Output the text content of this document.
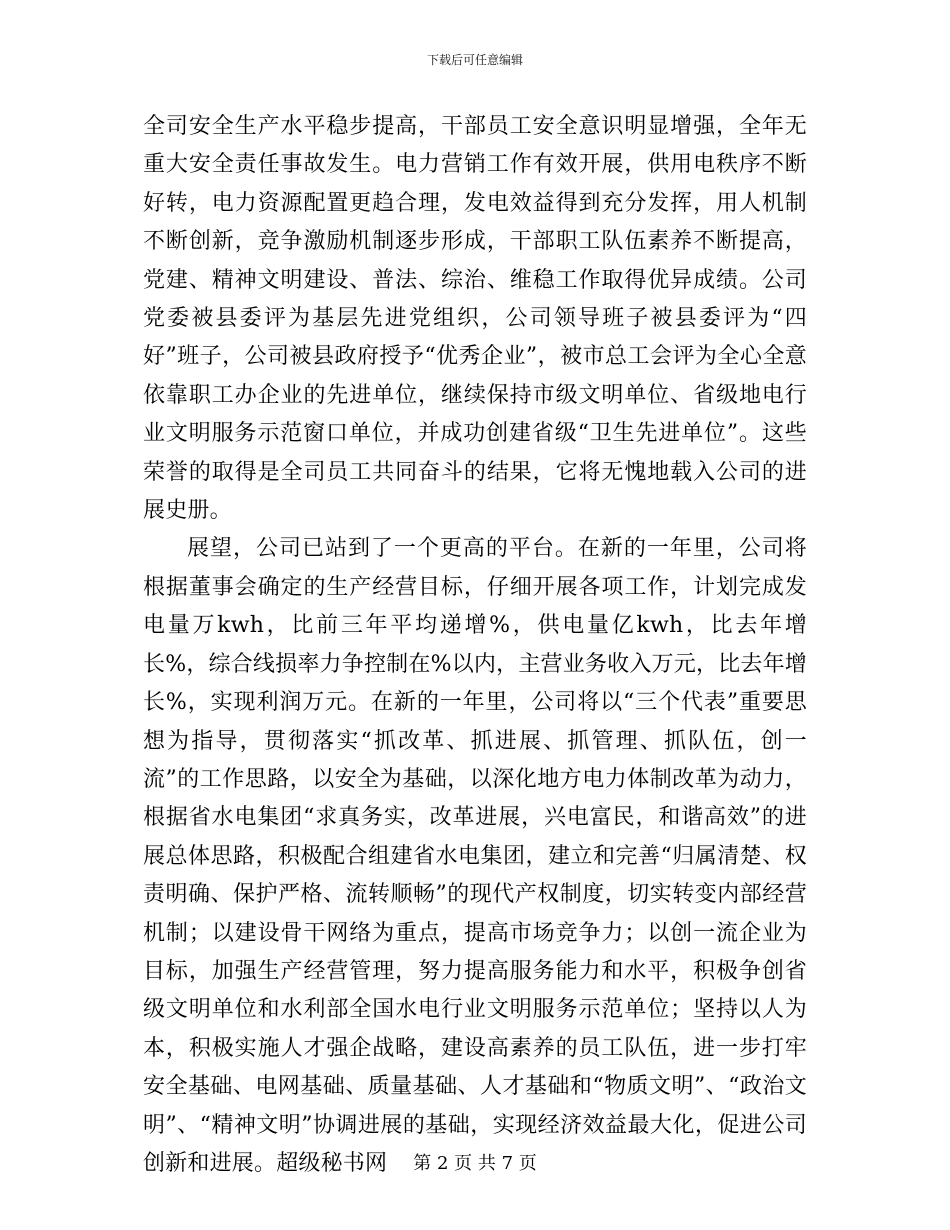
下载后可任意编辑

全司安全生产水平稳步提高，干部员工安全意识明显增强，全年无重大安全责任事故发生。电力营销工作有效开展，供用电秩序不断好转，电力资源配置更趋合理，发电效益得到充分发挥，用人机制不断创新，竞争激励机制逐步形成，干部职工队伍素养不断提高，党建、精神文明建设、普法、综治、维稳工作取得优异成绩。公司党委被县委评为基层先进党组织，公司领导班子被县委评为“四好”班子，公司被县政府授予“优秀企业”，被市总工会评为全心全意依靠职工办企业的先进单位，继续保持市级文明单位、省级地电行业文明服务示范窗口单位，并成功创建省级“卫生先进单位”。这些荣誉的取得是全司员工共同奋斗的结果，它将无愧地载入公司的进展史册。

展望，公司已站到了一个更高的平台。在新的一年里，公司将根据董事会确定的生产经营目标，仔细开展各项工作，计划完成发电量万kwh，比前三年平均递增%，供电量亿kwh，比去年增长%，综合线损率力争控制在%以内，主营业务收入万元，比去年增长%，实现利润万元。在新的一年里，公司将以“三个代表”重要思想为指导，贯彻落实“抓改革、抓进展、抓管理、抓队伍，创一流”的工作思路，以安全为基础，以深化地方电力体制改革为动力，根据省水电集团“求真务实，改革进展，兴电富民，和谐高效”的进展总体思路，积极配合组建省水电集团，建立和完善“归属清楚、权责明确、保护严格、流转顺畅”的现代产权制度，切实转变内部经营机制；以建设骨干网络为重点，提高市场竞争力；以创一流企业为目标，加强生产经营管理，努力提高服务能力和水平，积极争创省级文明单位和水利部全国水电行业文明服务示范单位；坚持以人为本，积极实施人才强企战略，建设高素养的员工队伍，进一步打牢安全基础、电网基础、质量基础、人才基础和“物质文明”、“政治文明”、“精神文明”协调进展的基础，实现经济效益最大化，促进公司创新和进展。超级秘书网	第 2 页 共 7 页
